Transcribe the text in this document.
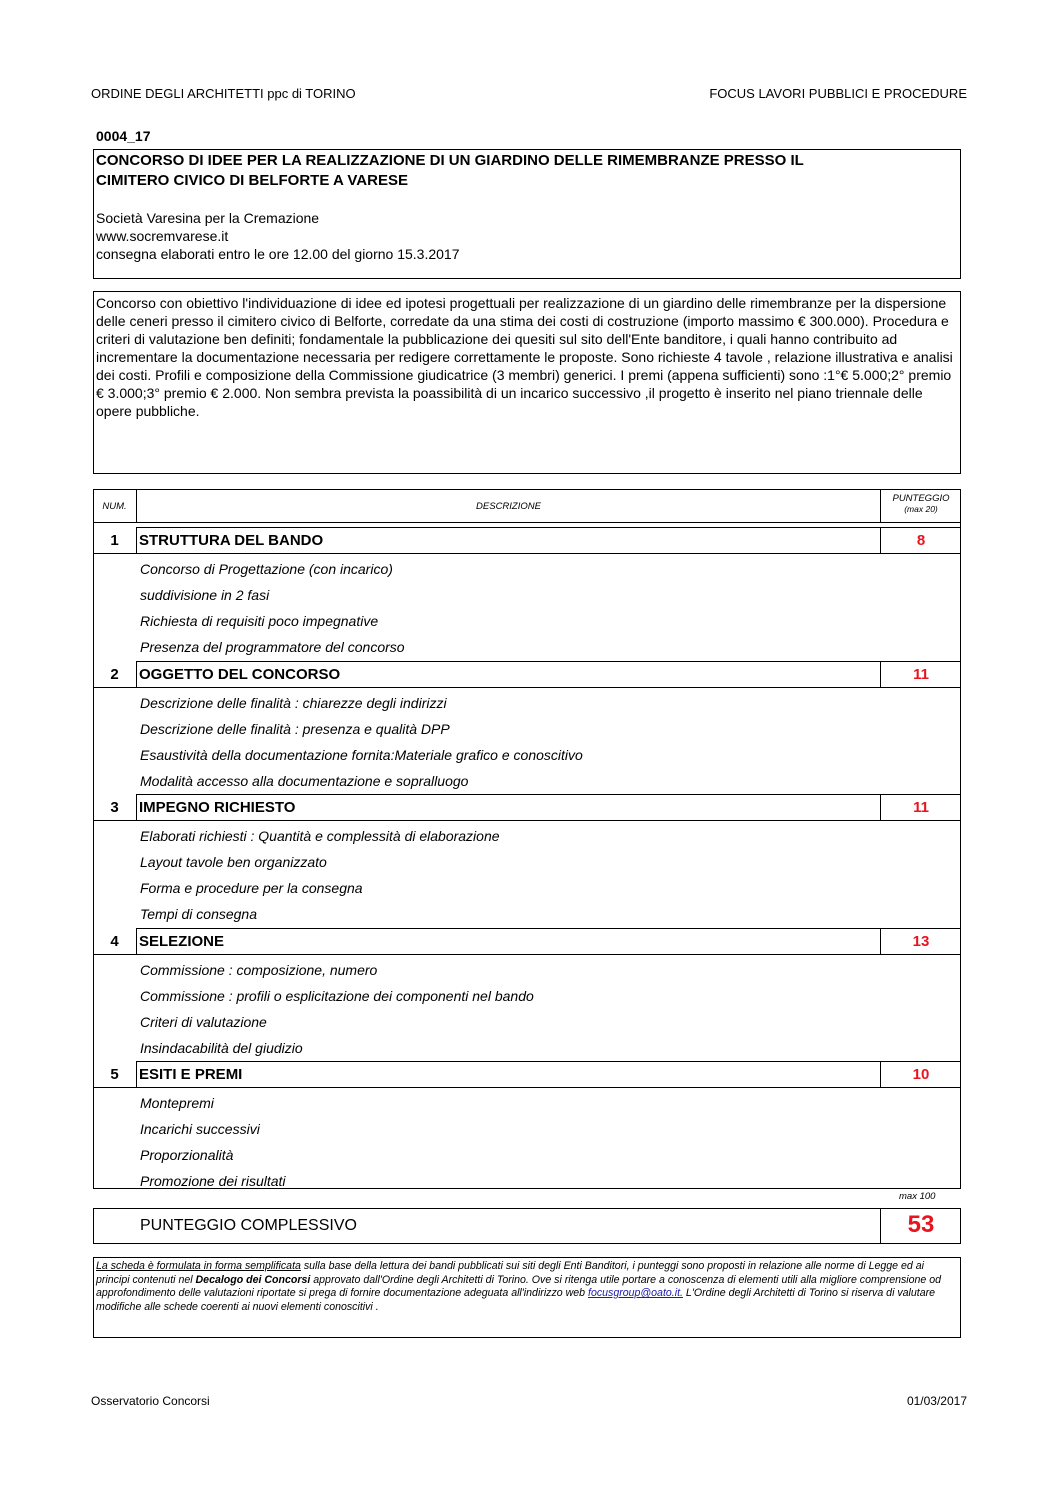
ORDINE DEGLI ARCHITETTI ppc di TORINO	FOCUS LAVORI PUBBLICI E PROCEDURE
0004_17
CONCORSO DI IDEE PER LA REALIZZAZIONE DI UN GIARDINO DELLE RIMEMBRANZE PRESSO IL
CIMITERO CIVICO DI BELFORTE A VARESE
Società Varesina per la Cremazione
www.socremvarese.it
consegna elaborati entro le ore 12.00 del giorno 15.3.2017
Concorso con obiettivo l'individuazione di idee ed ipotesi progettuali per realizzazione di un giardino delle rimembranze per la dispersione delle ceneri presso il cimitero civico di Belforte, corredate da una stima dei costi di costruzione (importo massimo € 300.000). Procedura e criteri di valutazione ben definiti; fondamentale la pubblicazione dei quesiti sul sito dell'Ente banditore, i quali hanno contribuito ad incrementare la documentazione necessaria per redigere correttamente le proposte. Sono richieste 4 tavole , relazione illustrativa e analisi dei costi. Profili e composizione della Commissione giudicatrice (3 membri) generici. I premi (appena sufficienti) sono :1°€ 5.000;2° premio € 3.000;3° premio € 2.000. Non sembra prevista la poassibilità di un incarico successivo ,il progetto è inserito nel piano triennale delle opere pubbliche.
NUM.	DESCRIZIONE
PUNTEGGIO
(max 20)
1	STRUTTURA DEL BANDO	8
Concorso di Progettazione (con incarico)
suddivisione in 2 fasi
Richiesta di requisiti poco impegnative
Presenza del programmatore del concorso
2	OGGETTO DEL CONCORSO	11
Descrizione delle finalità : chiarezze degli indirizzi
Descrizione delle finalità : presenza e qualità DPP
Esaustività della documentazione fornita:Materiale grafico e conoscitivo
Modalità accesso alla documentazione e sopralluogo
3	IMPEGNO RICHIESTO	11
Elaborati richiesti : Quantità e complessità di elaborazione
Layout tavole ben organizzato
Forma e procedure per la consegna
Tempi di consegna
4	SELEZIONE	13
Commissione : composizione, numero
Commissione : profili o esplicitazione dei componenti nel bando
Criteri di valutazione
Insindacabilità del giudizio
5	ESITI E PREMI	10
Montepremi
Incarichi successivi
Proporzionalità
Promozione dei risultati
max 100
PUNTEGGIO COMPLESSIVO	53
La scheda è formulata in forma semplificata sulla base della lettura dei bandi pubblicati sui siti degli Enti Banditori, i punteggi sono proposti in relazione alle norme di Legge ed ai principi contenuti nel Decalogo dei Concorsi approvato dall'Ordine degli Architetti di Torino. Ove si ritenga utile portare a conoscenza di elementi utili alla migliore comprensione od approfondimento delle valutazioni riportate si prega di fornire documentazione adeguata all'indirizzo web focusgroup@oato.it. L'Ordine degli Architetti di Torino si riserva di valutare modifiche alle schede coerenti ai nuovi elementi conoscitivi .
Osservatorio Concorsi	01/03/2017
